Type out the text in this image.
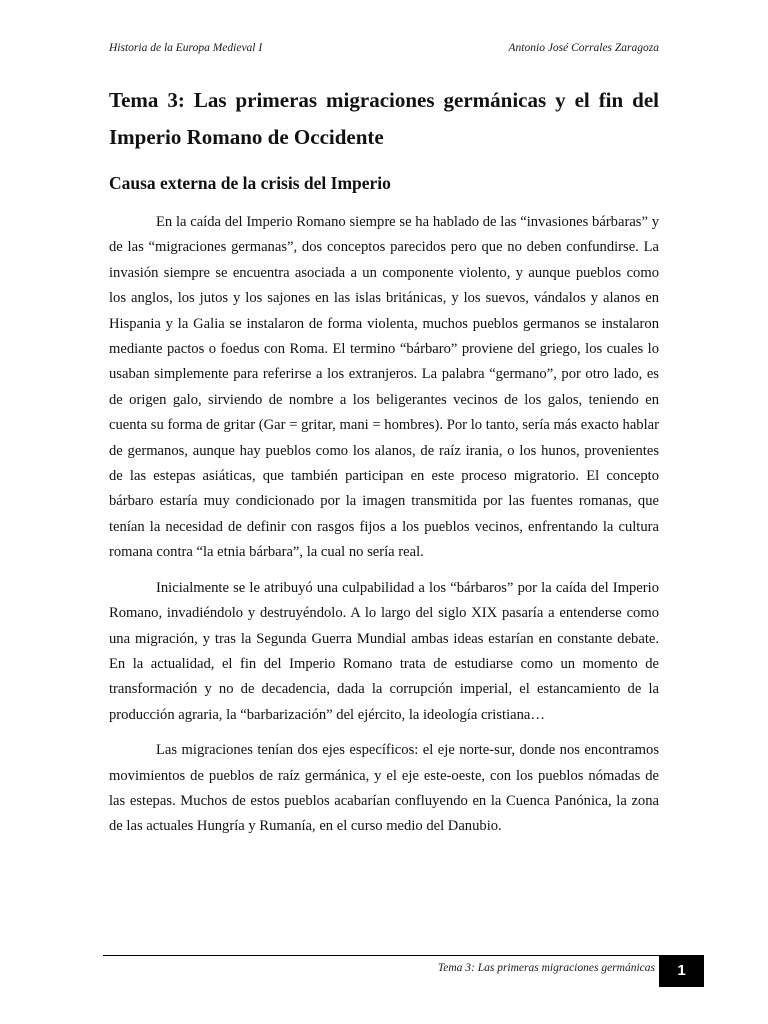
Historia de la Europa Medieval I	Antonio José Corrales Zaragoza
Tema 3: Las primeras migraciones germánicas y el fin del Imperio Romano de Occidente
Causa externa de la crisis del Imperio

En la caída del Imperio Romano siempre se ha hablado de las “invasiones bárbaras” y de las “migraciones germanas”, dos conceptos parecidos pero que no deben confundirse. La invasión siempre se encuentra asociada a un componente violento, y aunque pueblos como los anglos, los jutos y los sajones en las islas británicas, y los suevos, vándalos y alanos en Hispania y la Galia se instalaron de forma violenta, muchos pueblos germanos se instalaron mediante pactos o foedus con Roma. El termino “bárbaro” proviene del griego, los cuales lo usaban simplemente para referirse a los extranjeros. La palabra “germano”, por otro lado, es de origen galo, sirviendo de nombre a los beligerantes vecinos de los galos, teniendo en cuenta su forma de gritar (Gar = gritar, mani = hombres). Por lo tanto, sería más exacto hablar de germanos, aunque hay pueblos como los alanos, de raíz irania, o los hunos, provenientes de las estepas asiáticas, que también participan en este proceso migratorio. El concepto bárbaro estaría muy condicionado por la imagen transmitida por las fuentes romanas, que tenían la necesidad de definir con rasgos fijos a los pueblos vecinos, enfrentando la cultura romana contra “la etnia bárbara”, la cual no sería real.

Inicialmente se le atribuyó una culpabilidad a los “bárbaros” por la caída del Imperio Romano, invadiéndolo y destruyéndolo. A lo largo del siglo XIX pasaría a entenderse como una migración, y tras la Segunda Guerra Mundial ambas ideas estarían en constante debate. En la actualidad, el fin del Imperio Romano trata de estudiarse como un momento de transformación y no de decadencia, dada la corrupción imperial, el estancamiento de la producción agraria, la “barbarización” del ejército, la ideología cristiana…

Las migraciones tenían dos ejes específicos: el eje norte-sur, donde nos encontramos movimientos de pueblos de raíz germánica, y el eje este-oeste, con los pueblos nómadas de las estepas. Muchos de estos pueblos acabarían confluyendo en la Cuenca Panónica, la zona de las actuales Hungría y Rumanía, en el curso medio del Danubio.

Tema 3: Las primeras migraciones germánicas	1
